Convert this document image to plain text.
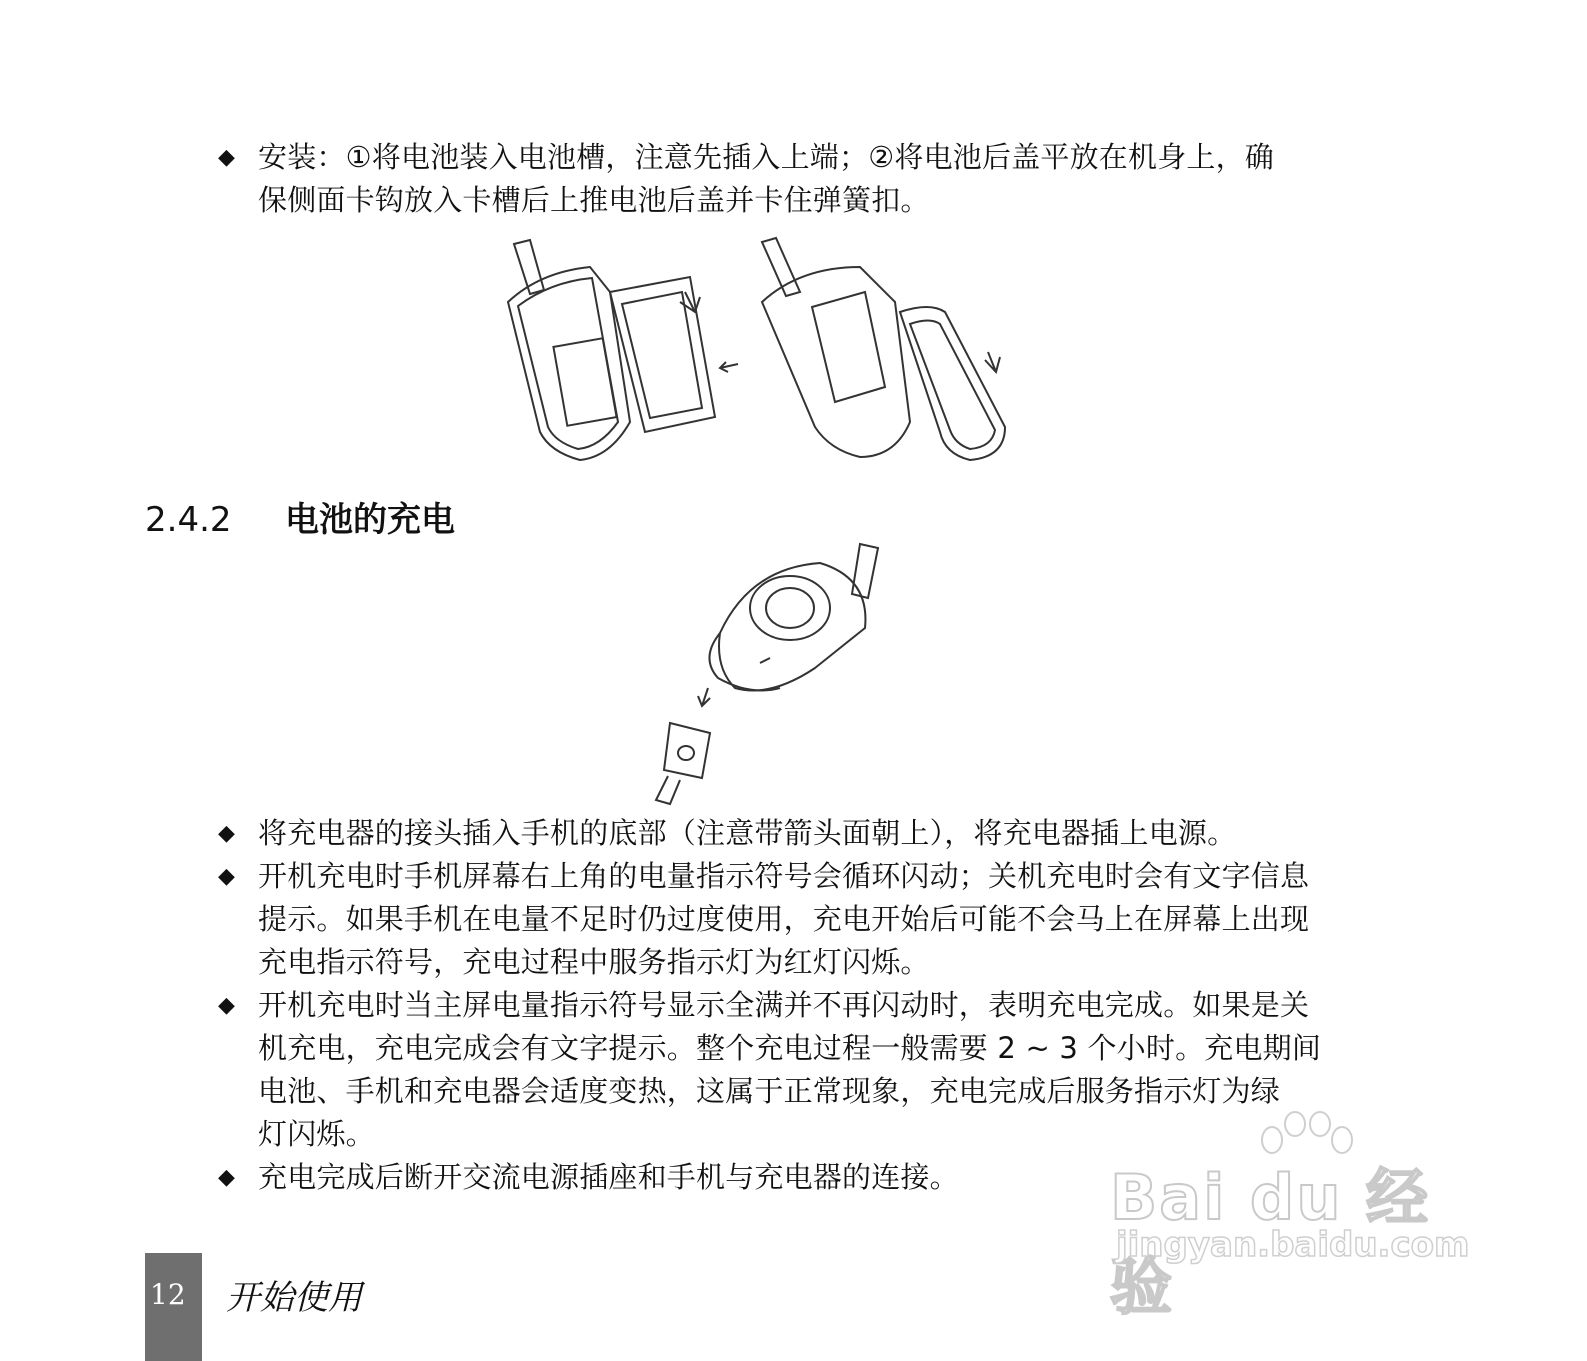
◆ 安装：①将电池装入电池槽，注意先插入上端；②将电池后盖平放在机身上，确
保侧面卡钩放入卡槽后上推电池后盖并卡住弹簧扣。
2.4.2 电池的充电
◆ 将充电器的接头插入手机的底部（注意带箭头面朝上），将充电器插上电源。
◆ 开机充电时手机屏幕右上角的电量指示符号会循环闪动；关机充电时会有文字信息
提示。如果手机在电量不足时仍过度使用，充电开始后可能不会马上在屏幕上出现
充电指示符号，充电过程中服务指示灯为红灯闪烁。
◆ 开机充电时当主屏电量指示符号显示全满并不再闪动时，表明充电完成。如果是关
机充电，充电完成会有文字提示。整个充电过程一般需要 2 ~ 3 个小时。充电期间
电池、手机和充电器会适度变热，这属于正常现象，充电完成后服务指示灯为绿
灯闪烁。
◆ 充电完成后断开交流电源插座和手机与充电器的连接。
12 开始使用
Bai du 经验
jingyan.baidu.com
